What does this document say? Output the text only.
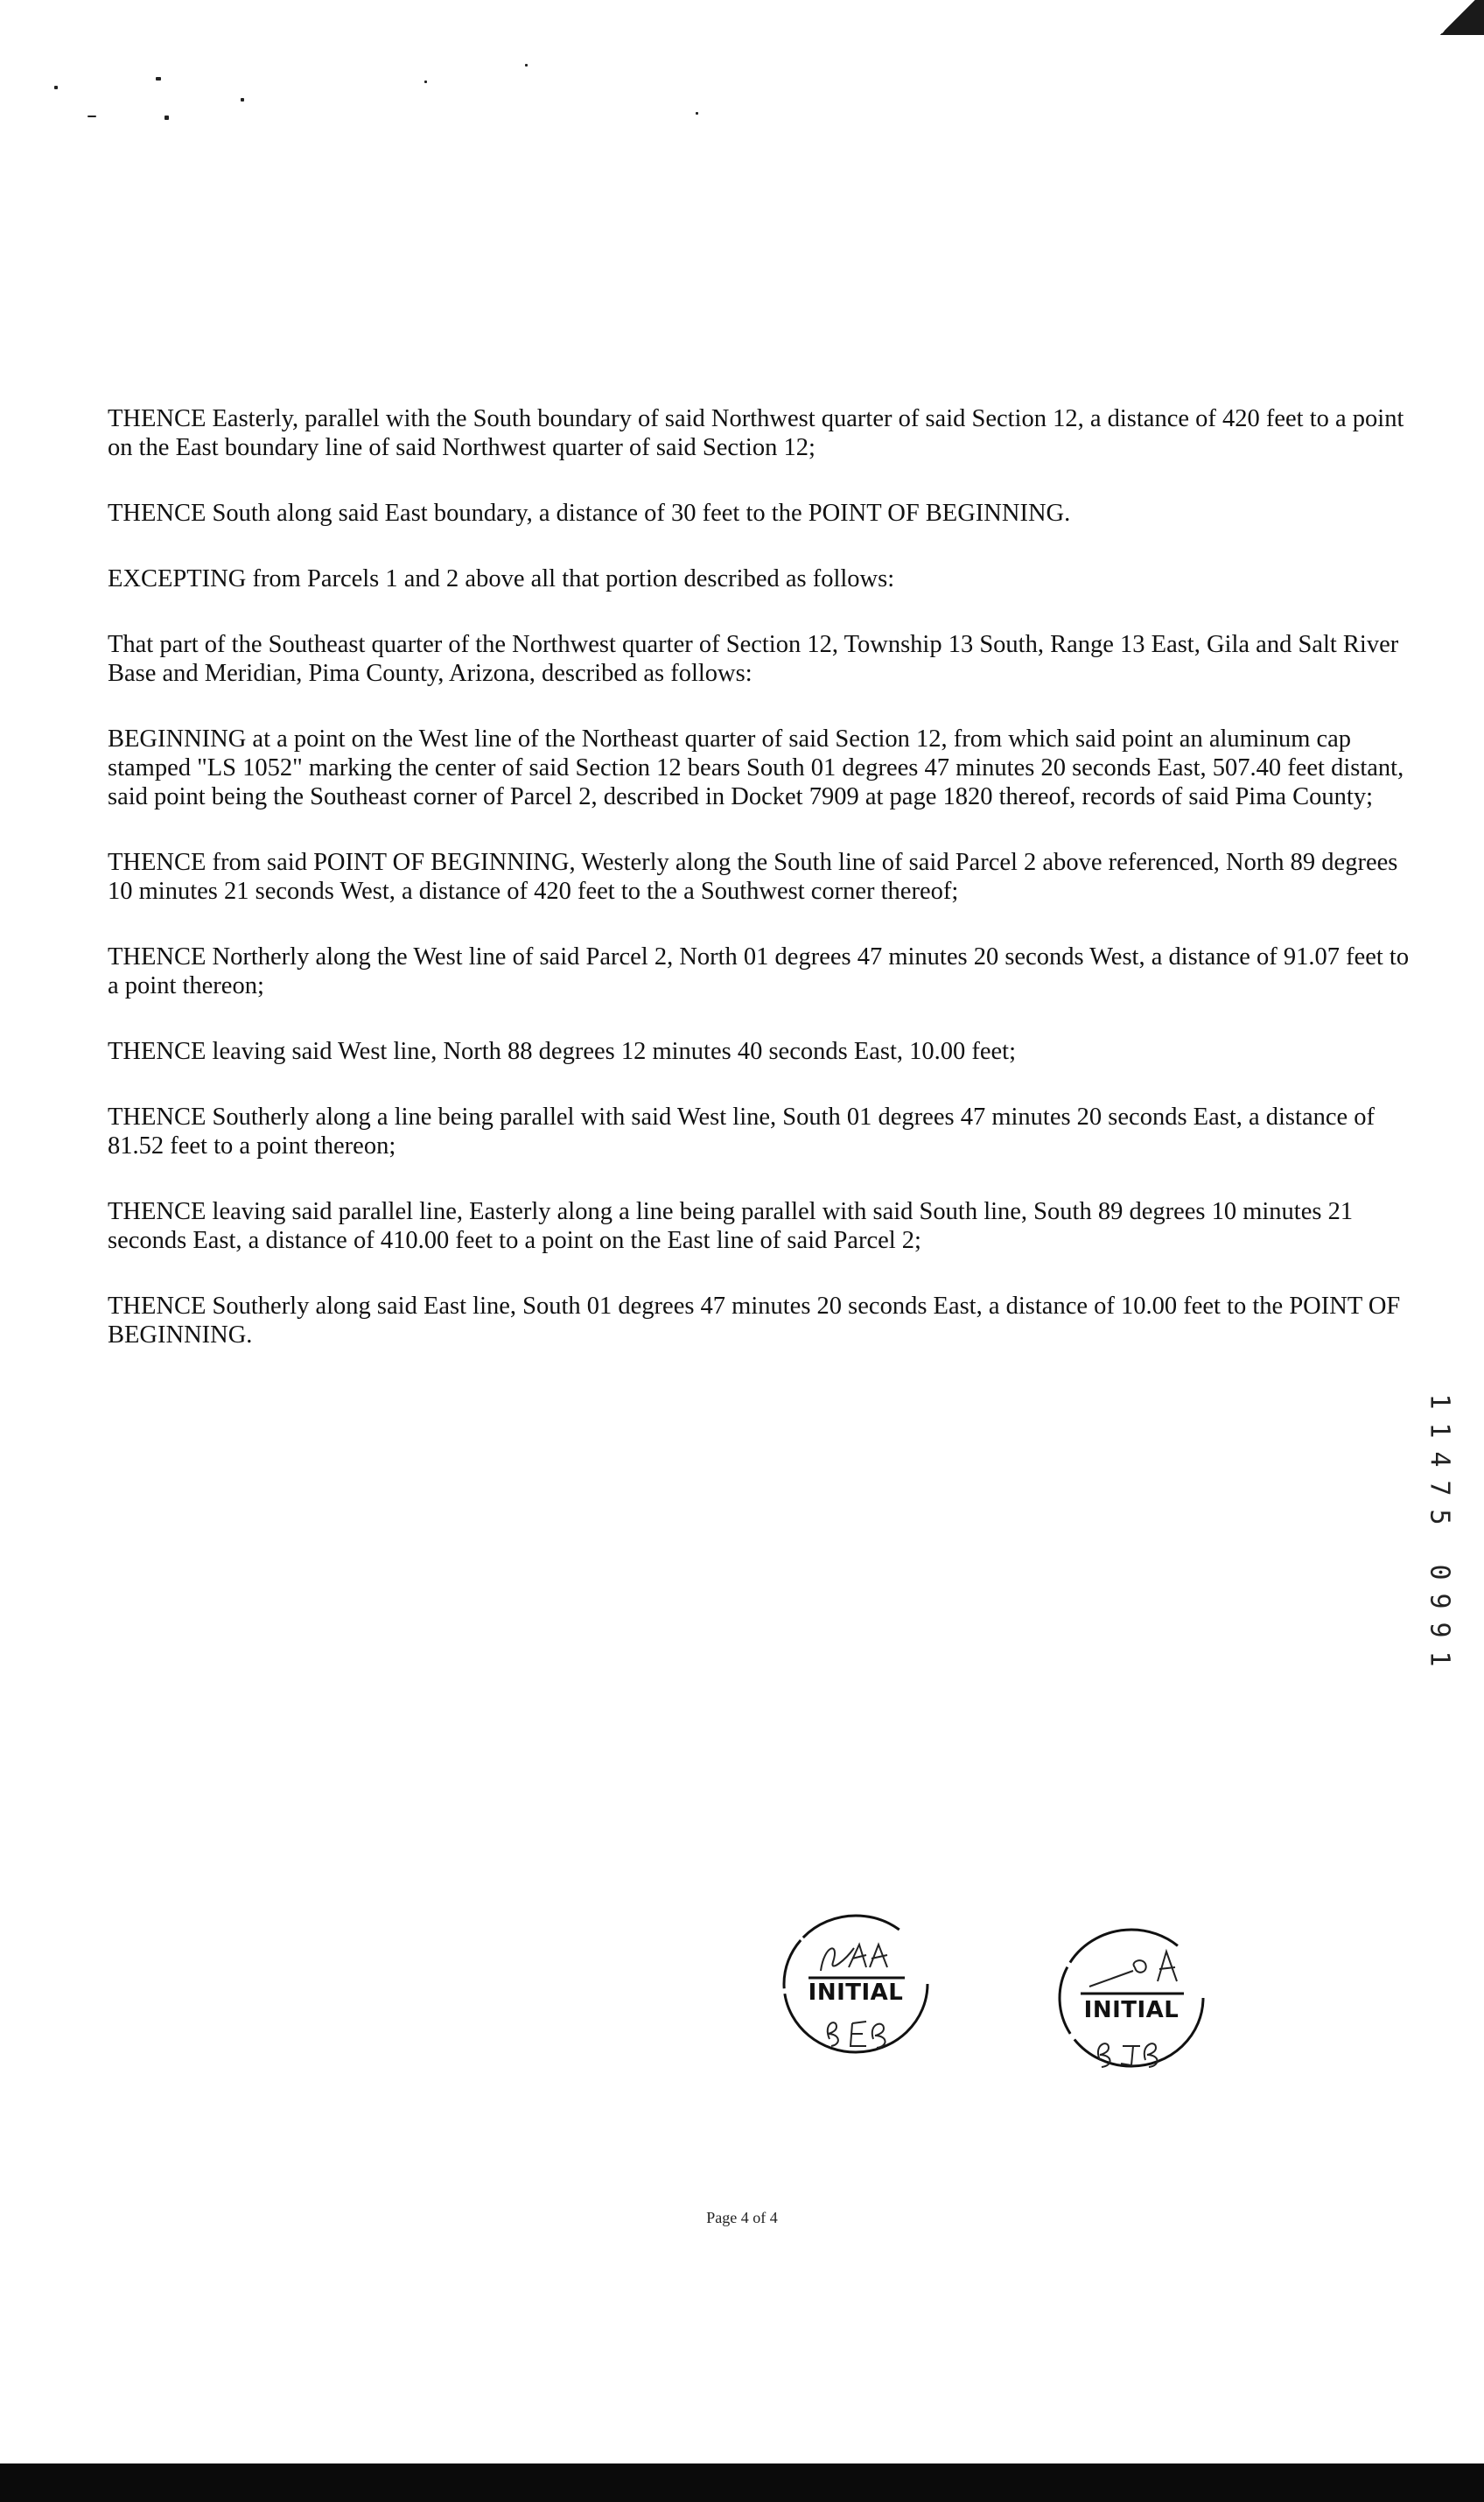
THENCE Easterly, parallel with the South boundary of said Northwest quarter of said Section 12, a distance of 420 feet to a point on the East boundary line of said Northwest quarter of said Section 12;

THENCE South along said East boundary, a distance of 30 feet to the POINT OF BEGINNING.

EXCEPTING from Parcels 1 and 2 above all that portion described as follows:

That part of the Southeast quarter of the Northwest quarter of Section 12, Township 13 South, Range 13 East, Gila and Salt River Base and Meridian, Pima County, Arizona, described as follows:

BEGINNING at a point on the West line of the Northeast quarter of said Section 12, from which said point an aluminum cap stamped "LS 1052" marking the center of said Section 12 bears South 01 degrees 47 minutes 20 seconds East, 507.40 feet distant, said point being the Southeast corner of Parcel 2, described in Docket 7909 at page 1820 thereof, records of said Pima County;

THENCE from said POINT OF BEGINNING, Westerly along the South line of said Parcel 2 above referenced, North 89 degrees 10 minutes 21 seconds West, a distance of 420 feet to the a Southwest corner thereof;

THENCE Northerly along the West line of said Parcel 2, North 01 degrees 47 minutes 20 seconds West, a distance of 91.07 feet to a point thereon;

THENCE leaving said West line, North 88 degrees 12 minutes 40 seconds East, 10.00 feet;

THENCE Southerly along a line being parallel with said West line, South 01 degrees 47 minutes 20 seconds East, a distance of 81.52 feet to a point thereon;

THENCE leaving said parallel line, Easterly along a line being parallel with said South line, South 89 degrees 10 minutes 21 seconds East, a distance of 410.00 feet to a point on the East line of said Parcel 2;

THENCE Southerly along said East line, South 01 degrees 47 minutes 20 seconds East, a distance of 10.00 feet to the POINT OF BEGINNING.

1
1
4
7
5
0
9
9
1
INITIAL
INITIAL
Page 4 of 4
